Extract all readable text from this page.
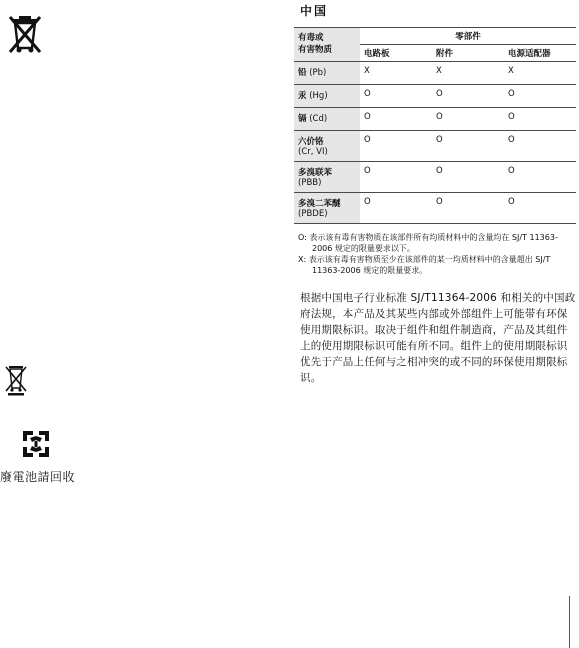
廢電池請回收
中国
有毒或
有害物质	零部件		
	电路板	附件	电源适配器
铅 (Pb)	X	X	X
汞 (Hg)	O	O	O
镉 (Cd)	O	O	O

六价铬
(Cr, VI)	O	O	O

多溴联苯
(PBB)	O	O	O

多溴二苯醚
(PBDE)	O	O	O
O: 表示该有毒有害物质在该部件所有均质材料中的含量均在 SJ/T 11363-2006 规定的限量要求以下。
X: 表示该有毒有害物质至少在该部件的某一均质材料中的含量超出 SJ/T 11363-2006 规定的限量要求。
根据中国电子行业标准 SJ/T11364-2006 和相关的中国政府法规，本产品及其某些内部或外部组件上可能带有环保使用期限标识。取决于组件和组件制造商，产品及其组件上的使用期限标识可能有所不同。组件上的使用期限标识优先于产品上任何与之相冲突的或不同的环保使用期限标识。
